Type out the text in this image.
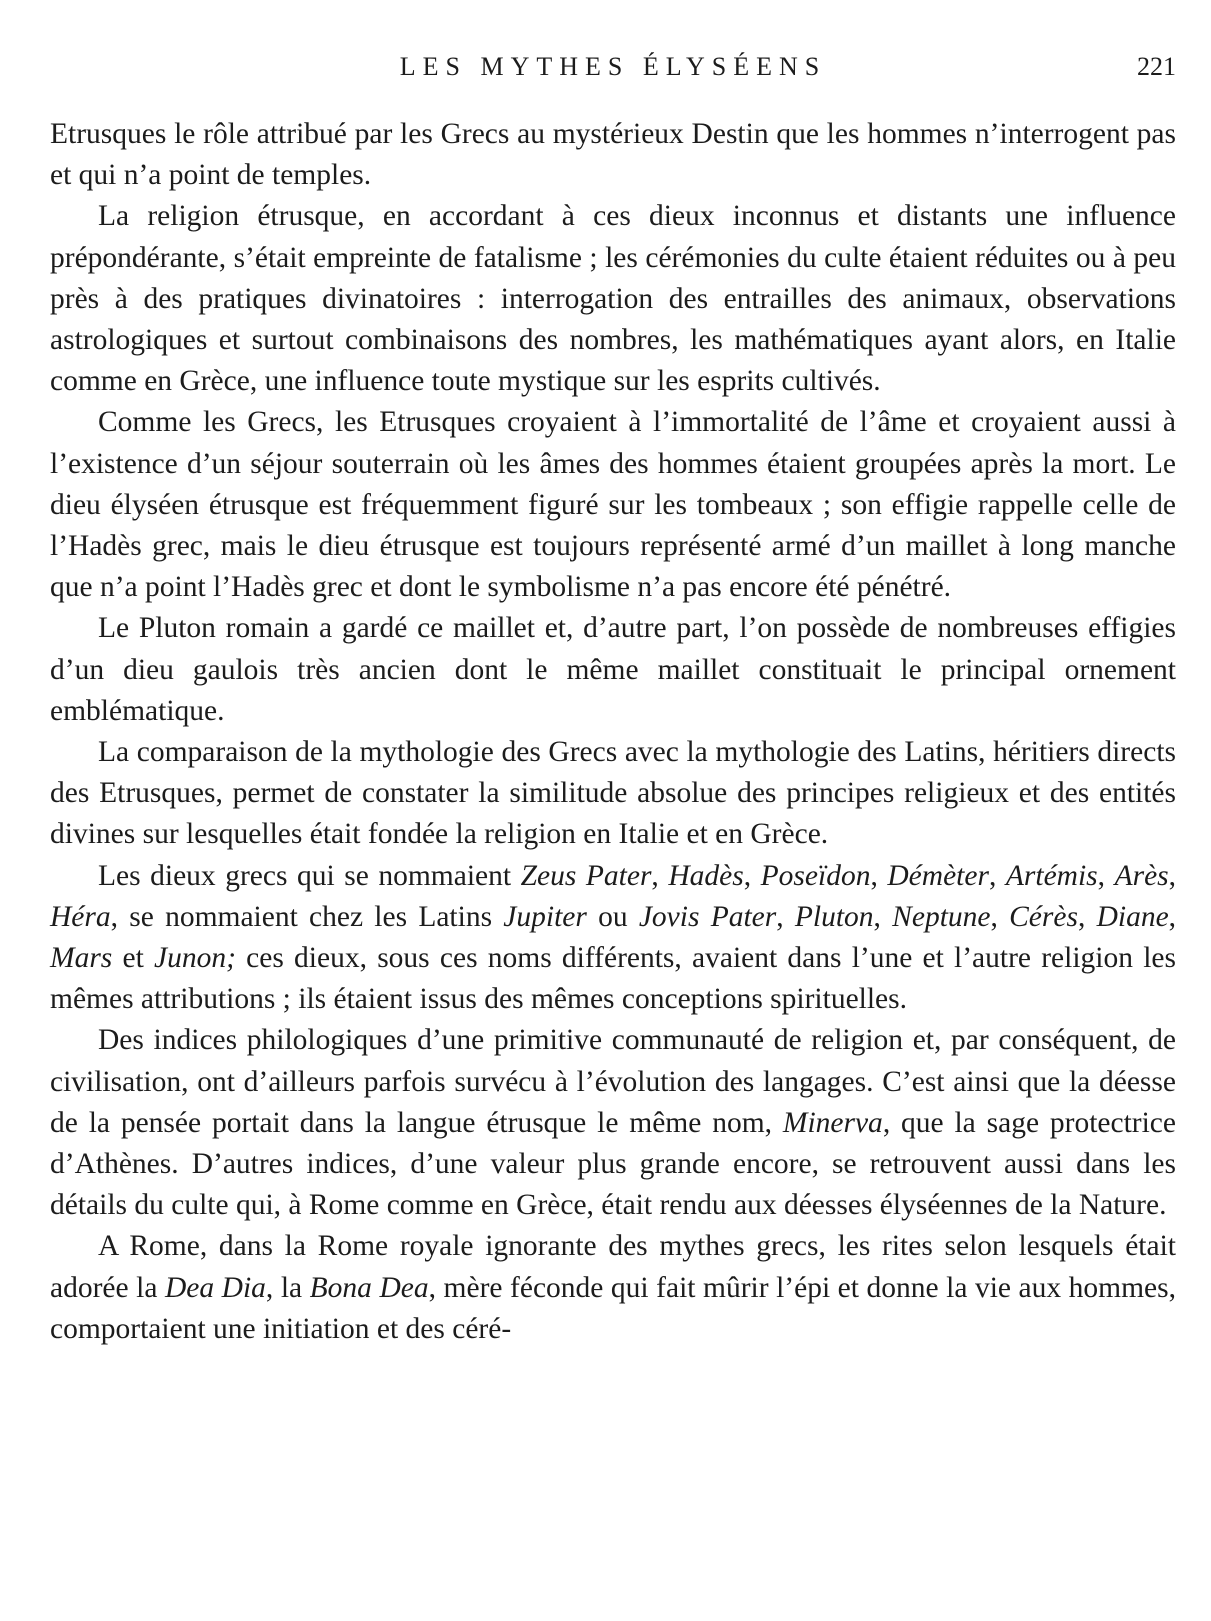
LES MYTHES ÉLYSÉENS	221

Etrusques le rôle attribué par les Grecs au mystérieux Destin que les hommes n’interrogent pas et qui n’a point de temples.

La religion étrusque, en accordant à ces dieux inconnus et distants une influence prépondérante, s’était empreinte de fatalisme ; les cérémonies du culte étaient réduites ou à peu près à des pratiques divinatoires : interrogation des entrailles des animaux, observations astrologiques et surtout combinaisons des nombres, les mathématiques ayant alors, en Italie comme en Grèce, une influence toute mystique sur les esprits cultivés.

Comme les Grecs, les Etrusques croyaient à l’immortalité de l’âme et croyaient aussi à l’existence d’un séjour souterrain où les âmes des hommes étaient groupées après la mort. Le dieu élyséen étrusque est fréquemment figuré sur les tombeaux ; son effigie rappelle celle de l’Hadès grec, mais le dieu étrusque est toujours représenté armé d’un maillet à long manche que n’a point l’Hadès grec et dont le symbolisme n’a pas encore été pénétré.

Le Pluton romain a gardé ce maillet et, d’autre part, l’on possède de nombreuses effigies d’un dieu gaulois très ancien dont le même maillet constituait le principal ornement emblématique.

La comparaison de la mythologie des Grecs avec la mythologie des Latins, héritiers directs des Etrusques, permet de constater la similitude absolue des principes religieux et des entités divines sur lesquelles était fondée la religion en Italie et en Grèce.

Les dieux grecs qui se nommaient Zeus Pater, Hadès, Poseïdon, Démèter, Artémis, Arès, Héra, se nommaient chez les Latins Jupiter ou Jovis Pater, Pluton, Neptune, Cérès, Diane, Mars et Junon; ces dieux, sous ces noms différents, avaient dans l’une et l’autre religion les mêmes attributions ; ils étaient issus des mêmes conceptions spirituelles.

Des indices philologiques d’une primitive communauté de religion et, par conséquent, de civilisation, ont d’ailleurs parfois survécu à l’évolution des langages. C’est ainsi que la déesse de la pensée portait dans la langue étrusque le même nom, Minerva, que la sage protectrice d’Athènes. D’autres indices, d’une valeur plus grande encore, se retrouvent aussi dans les détails du culte qui, à Rome comme en Grèce, était rendu aux déesses élyséennes de la Nature.

A Rome, dans la Rome royale ignorante des mythes grecs, les rites selon lesquels était adorée la Dea Dia, la Bona Dea, mère féconde qui fait mûrir l’épi et donne la vie aux hommes, comportaient une initiation et des céré-
